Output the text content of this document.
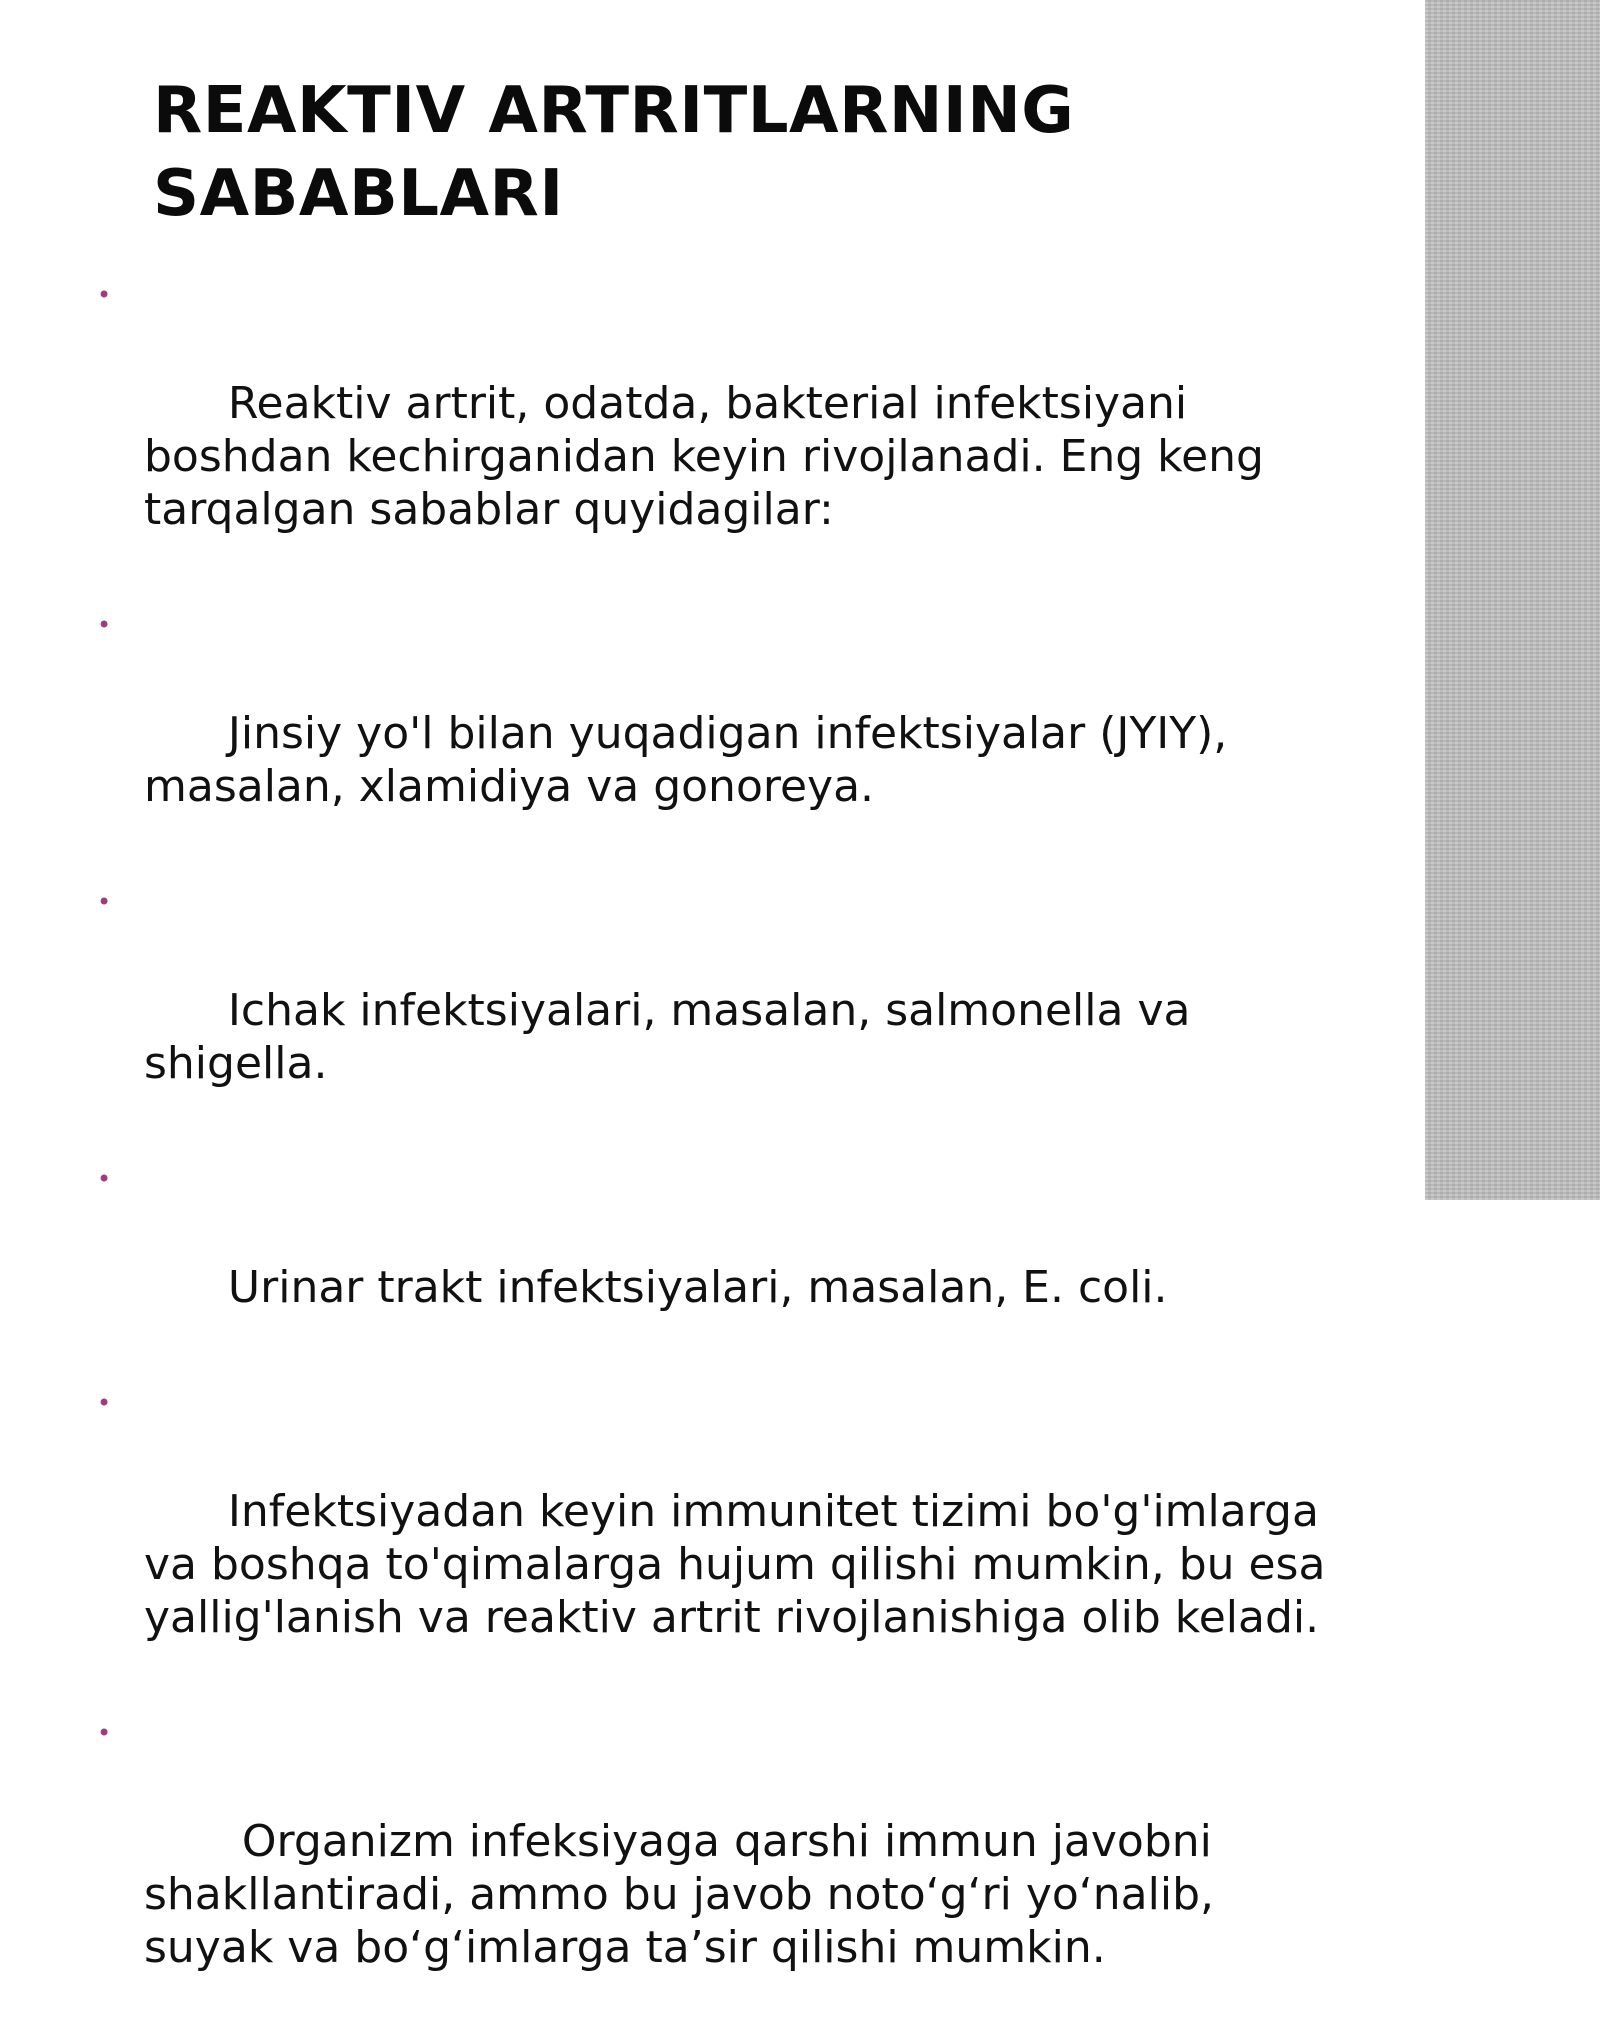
REAKTIV ARTRITLARNING
SABABLARI

•

Reaktiv artrit, odatda, bakterial infektsiyani boshdan kechirganidan keyin rivojlanadi. Eng keng tarqalgan sabablar quyidagilar:

•

Jinsiy yo'l bilan yuqadigan infektsiyalar (JYIY), masalan, xlamidiya va gonoreya.

•

Ichak infektsiyalari, masalan, salmonella va shigella.

•

Urinar trakt infektsiyalari, masalan, E. coli.

•

Infektsiyadan keyin immunitet tizimi bo'g'imlarga va boshqa to'qimalarga hujum qilishi mumkin, bu esa yallig'lanish va reaktiv artrit rivojlanishiga olib keladi.

•

Organizm infeksiyaga qarshi immun javobni shakllantiradi, ammo bu javob noto‘g‘ri yo‘nalib, suyak va bo‘g‘imlarga ta’sir qilishi mumkin.
